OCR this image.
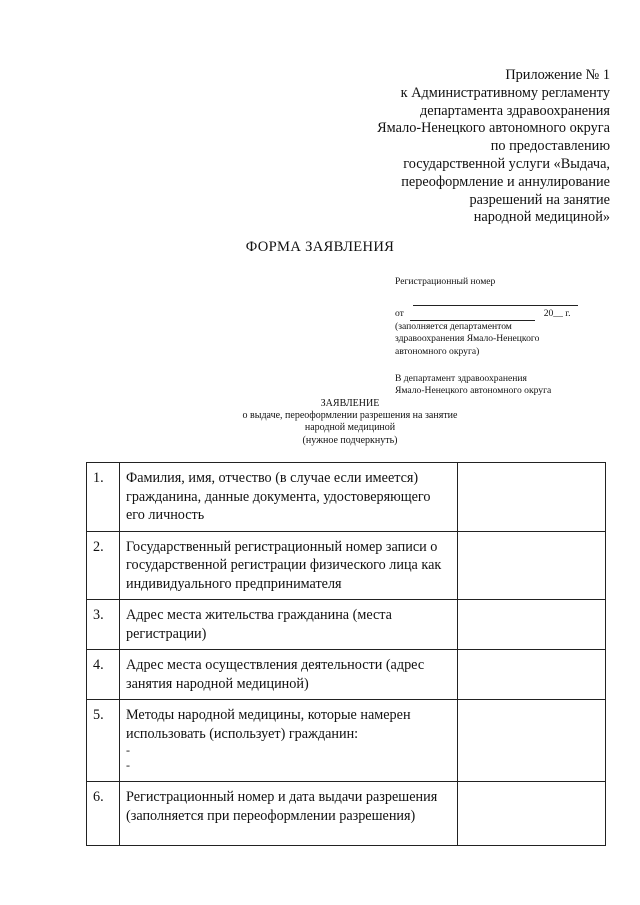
Приложение № 1
к Административному регламенту
департамента здравоохранения
Ямало-Ненецкого автономного округа
по предоставлению
государственной услуги «Выдача,
переоформление и аннулирование
разрешений на занятие
народной медициной»
ФОРМА ЗАЯВЛЕНИЯ
Регистрационный номер
от	20__ г.
(заполняется департаментом
здравоохранения Ямало-Ненецкого
автономного округа)
В департамент здравоохранения
Ямало-Ненецкого автономного округа
ЗАЯВЛЕНИЕ
о выдаче, переоформлении разрешения на занятие
народной медициной
(нужное подчеркнуть)
1.	Фамилия, имя, отчество (в случае если имеется) гражданина, данные документа, удостоверяющего его личность	
2.	Государственный регистрационный номер записи о государственной регистрации физического лица как индивидуального предпринимателя	
3.	Адрес места жительства гражданина (места регистрации)	
4.	Адрес места осуществления деятельности (адрес занятия народной медициной)	
5.	Методы народной медицины, которые намерен использовать (использует) гражданин:
-
-	

6.	Регистрационный номер и дата выдачи разрешения (заполняется при переоформлении разрешения)	
